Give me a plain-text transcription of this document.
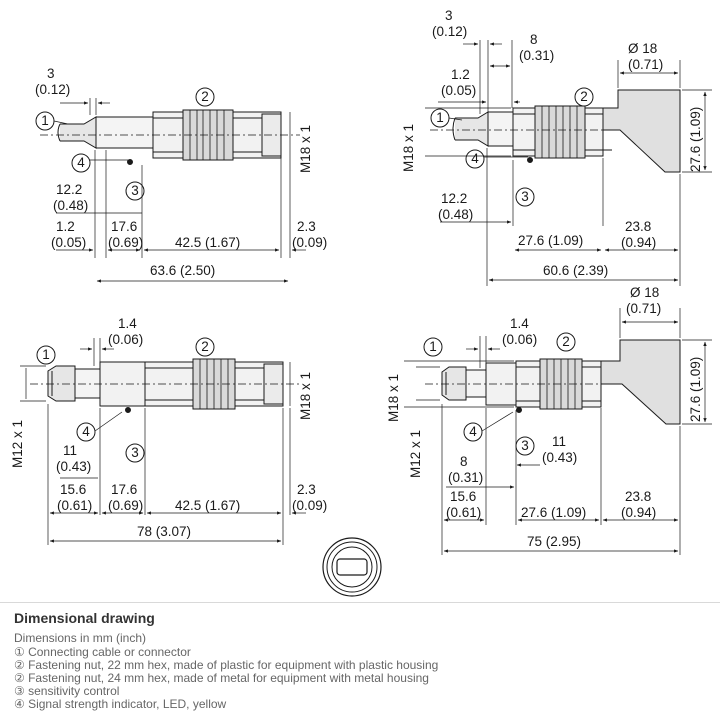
3
(0.12)
12.2
(0.48)
1.2
(0.05)
17.6
(0.69) 42.5 (1.67)
2.3
(0.09)
63.6 (2.50)
M18 x 1
1
2
3
4
3
(0.12)
8
(0.31)
1.2
(0.05)
Ø 18
(0.71)
M18 x 1	27.6 (1.09)
12.2
(0.48)
27.6 (1.09)
23.8
(0.94)
60.6 (2.39)
1
2
3
4
1.4
(0.06)
M12 x 1
M18 x 1
11
(0.43)
15.6
(0.61)
17.6
(0.69) 42.5 (1.67)
2.3
(0.09)
78 (3.07)
1
2
3
4
Ø 18
(0.71)
1.4
(0.06)
M18 x 1
M12 x 1
27.6 (1.09)
11
(0.43)
8
(0.31)
15.6
(0.61)	27.6 (1.09)
23.8
(0.94)
75 (2.95)
1	2
3
4
Dimensional drawing
Dimensions in mm (inch)
① Connecting cable or connector
② Fastening nut, 22 mm hex, made of plastic for equipment with plastic housing
② Fastening nut, 24 mm hex, made of metal for equipment with metal housing
③ sensitivity control
④ Signal strength indicator, LED, yellow
